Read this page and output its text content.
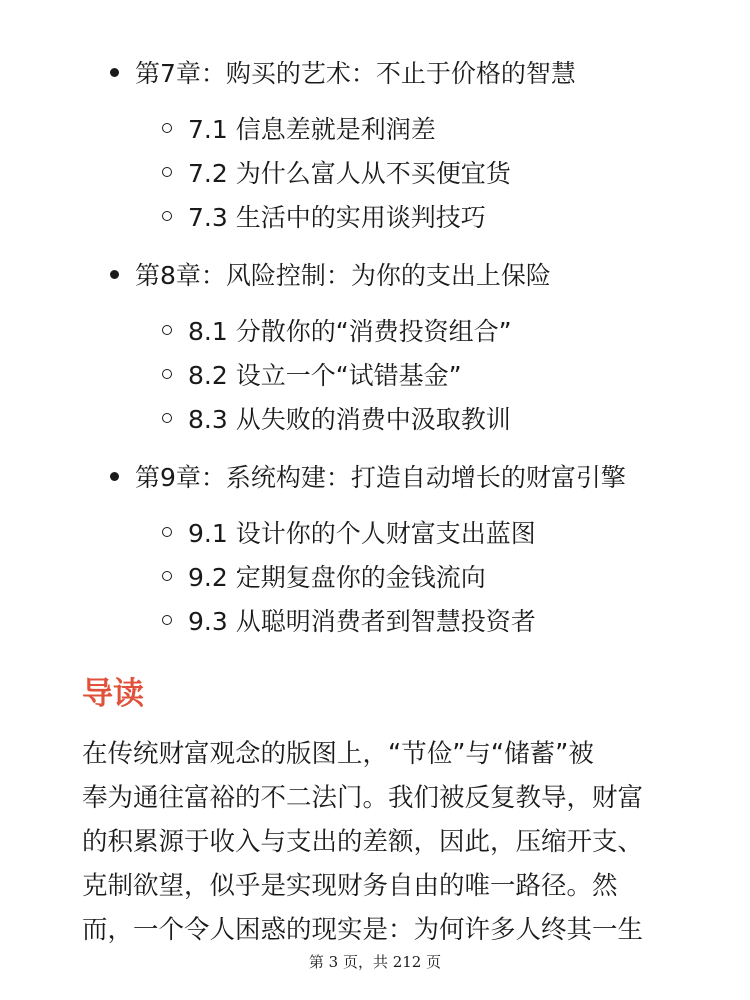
第7章：购买的艺术：不止于价格的智慧
7.1 信息差就是利润差
7.2 为什么富人从不买便宜货
7.3 生活中的实用谈判技巧
第8章：风险控制：为你的支出上保险
8.1 分散你的“消费投资组合”
8.2 设立一个“试错基金”
8.3 从失败的消费中汲取教训
第9章：系统构建：打造自动增长的财富引擎
9.1 设计你的个人财富支出蓝图
9.2 定期复盘你的金钱流向
9.3 从聪明消费者到智慧投资者
导读
在传统财富观念的版图上，“节俭”与“储蓄”被
奉为通往富裕的不二法门。我们被反复教导，财富
的积累源于收入与支出的差额，因此，压缩开支、
克制欲望，似乎是实现财务自由的唯一路径。然
而，一个令人困惑的现实是：为何许多人终其一生
第 3 页，共 212 页
